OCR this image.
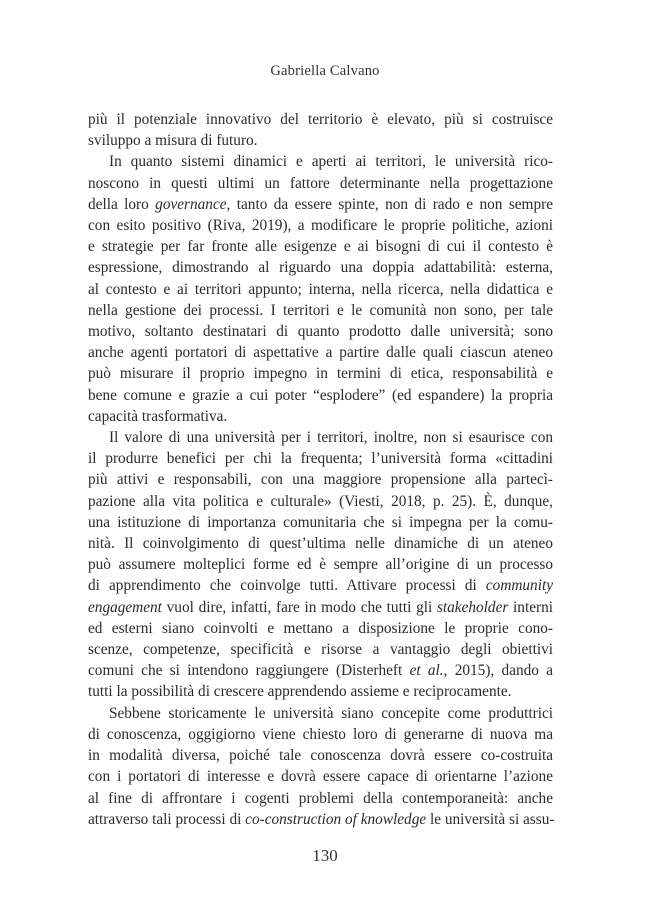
Gabriella Calvano
più il potenziale innovativo del territorio è elevato, più si costruisce
sviluppo a misura di futuro.
In quanto sistemi dinamici e aperti ai territori, le università rico-
noscono in questi ultimi un fattore determinante nella progettazione
della loro governance, tanto da essere spinte, non di rado e non sempre
con esito positivo (Riva, 2019), a modificare le proprie politiche, azioni
e strategie per far fronte alle esigenze e ai bisogni di cui il contesto è
espressione, dimostrando al riguardo una doppia adattabilità: esterna,
al contesto e ai territori appunto; interna, nella ricerca, nella didattica e
nella gestione dei processi. I territori e le comunità non sono, per tale
motivo, soltanto destinatari di quanto prodotto dalle università; sono
anche agenti portatori di aspettative a partire dalle quali ciascun ateneo
può misurare il proprio impegno in termini di etica, responsabilità e
bene comune e grazie a cui poter “esplodere” (ed espandere) la propria
capacità trasformativa.
Il valore di una università per i territori, inoltre, non si esaurisce con
il produrre benefici per chi la frequenta; l’università forma «cittadini
più attivi e responsabili, con una maggiore propensione alla partecì-
pazione alla vita politica e culturale» (Viesti, 2018, p. 25). È, dunque,
una istituzione di importanza comunitaria che si impegna per la comu-
nità. Il coinvolgimento di quest’ultima nelle dinamiche di un ateneo
può assumere molteplici forme ed è sempre all’origine di un processo
di apprendimento che coinvolge tutti. Attivare processi di community
engagement vuol dire, infatti, fare in modo che tutti gli stakeholder interni
ed esterni siano coinvolti e mettano a disposizione le proprie cono-
scenze, competenze, specificità e risorse a vantaggio degli obiettivi
comuni che si intendono raggiungere (Disterheft et al., 2015), dando a
tutti la possibilità di crescere apprendendo assieme e reciprocamente.
Sebbene storicamente le università siano concepite come produttrici
di conoscenza, oggigiorno viene chiesto loro di generarne di nuova ma
in modalità diversa, poiché tale conoscenza dovrà essere co-costruita
con i portatori di interesse e dovrà essere capace di orientarne l’azione
al fine di affrontare i cogenti problemi della contemporaneità: anche
attraverso tali processi di co-construction of knowledge le università si assu-
130
